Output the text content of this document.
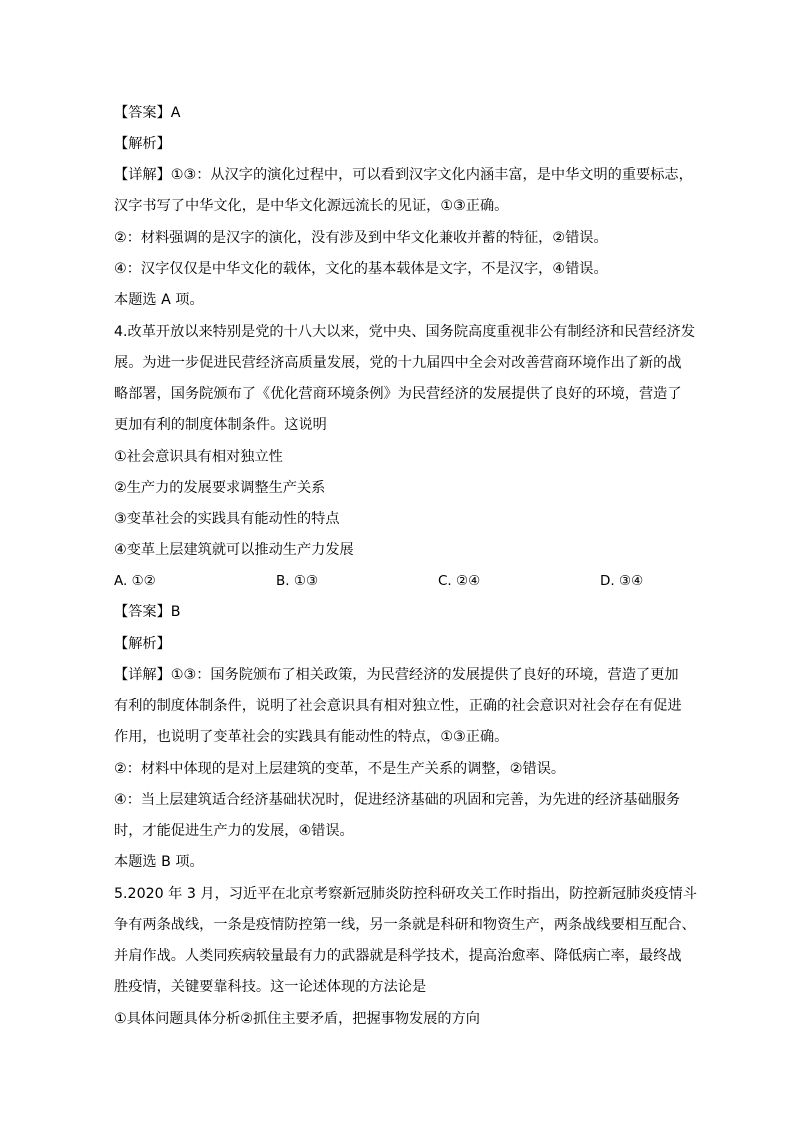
【答案】A
【解析】
【详解】①③：从汉字的演化过程中，可以看到汉字文化内涵丰富，是中华文明的重要标志，
汉字书写了中华文化，是中华文化源远流长的见证，①③正确。
②：材料强调的是汉字的演化，没有涉及到中华文化兼收并蓄的特征，②错误。
④：汉字仅仅是中华文化的载体，文化的基本载体是文字，不是汉字，④错误。
本题选 A 项。
4.改革开放以来特别是党的十八大以来，党中央、国务院高度重视非公有制经济和民营经济发
展。为进一步促进民营经济高质量发展，党的十九届四中全会对改善营商环境作出了新的战
略部署，国务院颁布了《优化营商环境条例》为民营经济的发展提供了良好的环境，营造了
更加有利的制度体制条件。这说明
①社会意识具有相对独立性
②生产力的发展要求调整生产关系
③变革社会的实践具有能动性的特点
④变革上层建筑就可以推动生产力发展
A. ①②	B. ①③	C. ②④	D. ③④
【答案】B
【解析】
【详解】①③：国务院颁布了相关政策，为民营经济的发展提供了良好的环境，营造了更加
有利的制度体制条件，说明了社会意识具有相对独立性，正确的社会意识对社会存在有促进
作用，也说明了变革社会的实践具有能动性的特点，①③正确。
②：材料中体现的是对上层建筑的变革，不是生产关系的调整，②错误。
④：当上层建筑适合经济基础状况时，促进经济基础的巩固和完善，为先进的经济基础服务
时，才能促进生产力的发展，④错误。
本题选 B 项。
5.2020 年 3 月，习近平在北京考察新冠肺炎防控科研攻关工作时指出，防控新冠肺炎疫情斗
争有两条战线，一条是疫情防控第一线，另一条就是科研和物资生产，两条战线要相互配合、
并肩作战。人类同疾病较量最有力的武器就是科学技术，提高治愈率、降低病亡率，最终战
胜疫情，关键要靠科技。这一论述体现的方法论是
①具体问题具体分析②抓住主要矛盾，把握事物发展的方向
